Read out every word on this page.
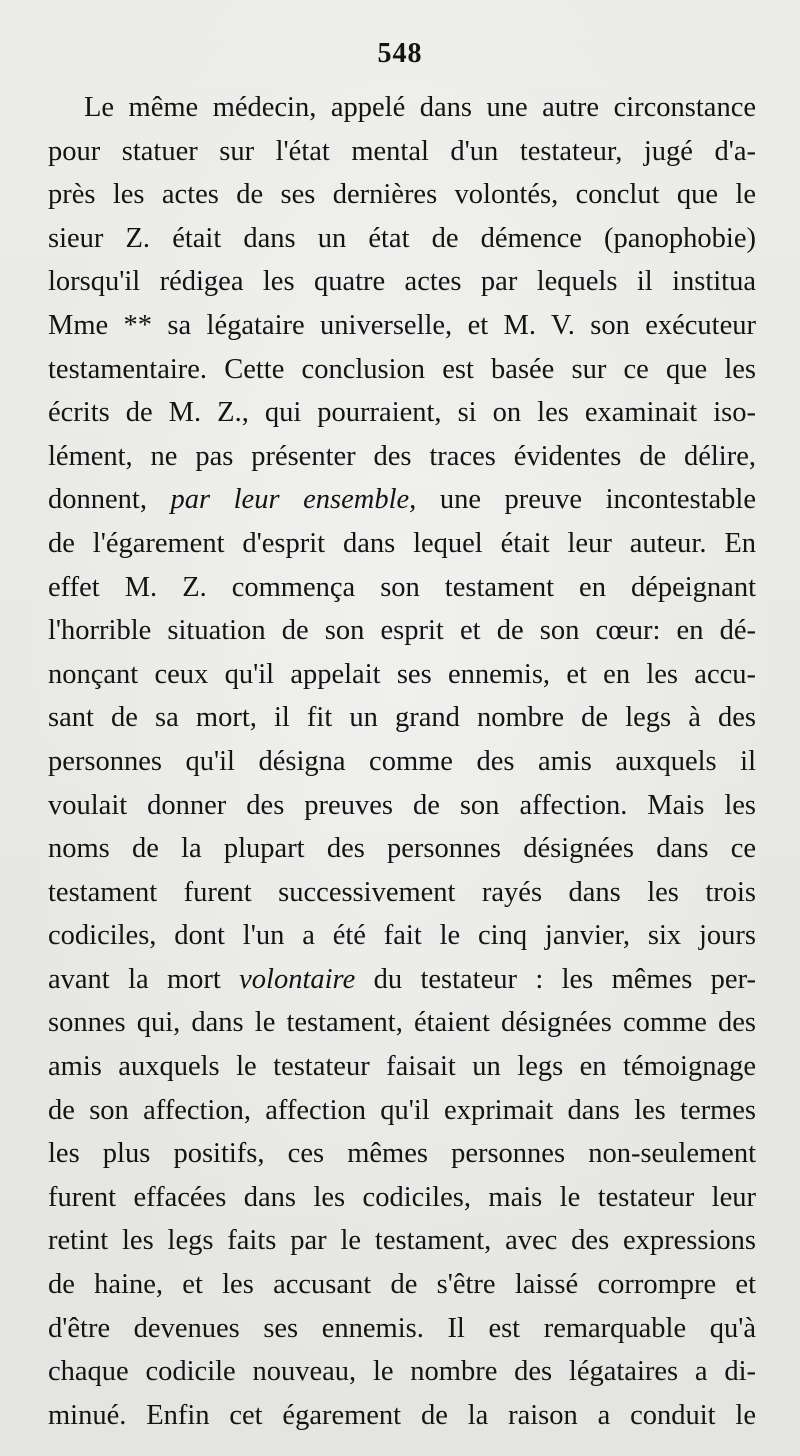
548
Le même médecin, appelé dans une autre circonstance
pour statuer sur l'état mental d'un testateur, jugé d'a-
près les actes de ses dernières volontés, conclut que le
sieur Z. était dans un état de démence (panophobie)
lorsqu'il rédigea les quatre actes par lequels il institua
Mme ** sa légataire universelle, et M. V. son exécuteur
testamentaire. Cette conclusion est basée sur ce que les
écrits de M. Z., qui pourraient, si on les examinait iso-
lément, ne pas présenter des traces évidentes de délire,
donnent, par leur ensemble, une preuve incontestable
de l'égarement d'esprit dans lequel était leur auteur. En
effet M. Z. commença son testament en dépeignant
l'horrible situation de son esprit et de son cœur: en dé-
nonçant ceux qu'il appelait ses ennemis, et en les accu-
sant de sa mort, il fit un grand nombre de legs à des
personnes qu'il désigna comme des amis auxquels il
voulait donner des preuves de son affection. Mais les
noms de la plupart des personnes désignées dans ce
testament furent successivement rayés dans les trois
codiciles, dont l'un a été fait le cinq janvier, six jours
avant la mort volontaire du testateur : les mêmes per-
sonnes qui, dans le testament, étaient désignées comme des
amis auxquels le testateur faisait un legs en témoignage
de son affection, affection qu'il exprimait dans les termes
les plus positifs, ces mêmes personnes non-seulement
furent effacées dans les codiciles, mais le testateur leur
retint les legs faits par le testament, avec des expressions
de haine, et les accusant de s'être laissé corrompre et
d'être devenues ses ennemis. Il est remarquable qu'à
chaque codicile nouveau, le nombre des légataires a di-
minué. Enfin cet égarement de la raison a conduit le
